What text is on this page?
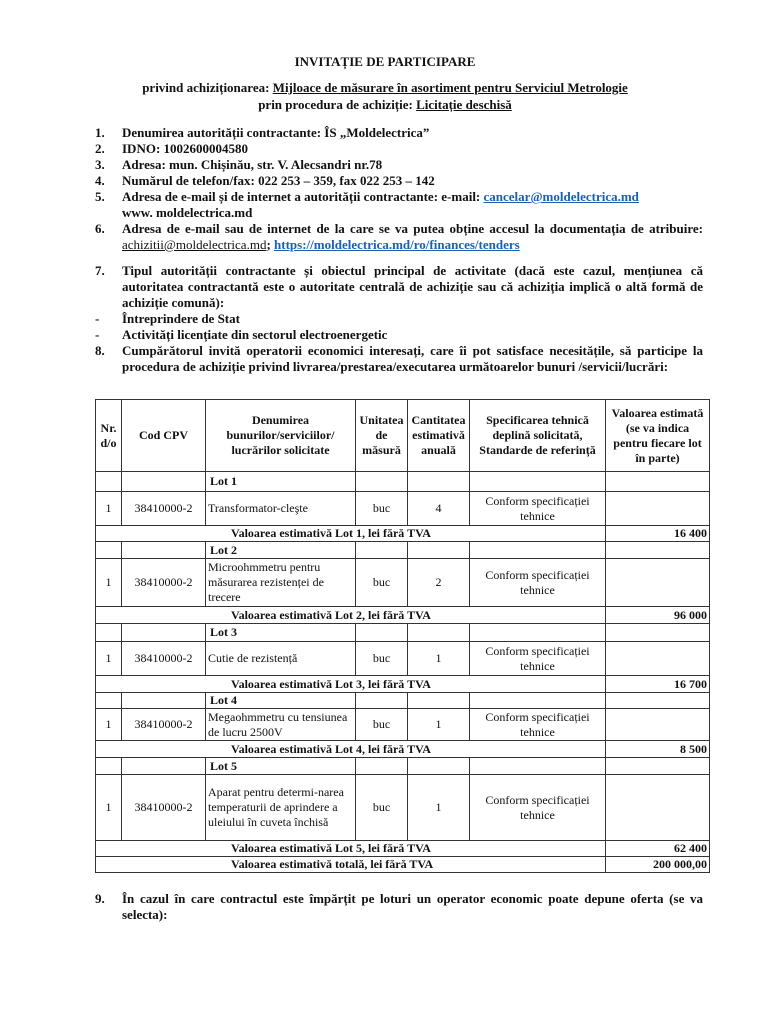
INVITAȚIE DE PARTICIPARE
privind achiziționarea: Mijloace de măsurare în asortiment pentru Serviciul Metrologie
prin procedura de achiziție: Licitație deschisă
1. Denumirea autorității contractante: ÎS „Moldelectrica”
2. IDNO: 1002600004580
3. Adresa: mun. Chișinău, str. V. Alecsandri nr.78
4. Numărul de telefon/fax: 022 253 – 359, fax 022 253 – 142
5. Adresa de e-mail și de internet a autorității contractante: e-mail: cancelar@moldelectrica.md
www. moldelectrica.md
6. Adresa de e-mail sau de internet de la care se va putea obține accesul la documentația de atribuire: achizitii@moldelectrica.md; https://moldelectrica.md/ro/finances/tenders
7. Tipul autorității contractante și obiectul principal de activitate (dacă este cazul, mențiunea că autoritatea contractantă este o autoritate centrală de achiziție sau că achiziția implică o altă formă de achiziție comună):
- Întreprindere de Stat
- Activități licențiate din sectorul electroenergetic
8. Cumpărătorul invită operatorii economici interesați, care îi pot satisface necesitățile, să participe la procedura de achiziție privind livrarea/prestarea/executarea următoarelor bunuri /servicii/lucrări:
Nr. d/o	Cod CPV	Denumirea bunurilor/serviciilor/ lucrărilor solicitate	Unitatea de măsură	Cantitatea estimativă anuală	Specificarea tehnică deplină solicitată, Standarde de referință	Valoarea estimată (se va indica pentru fiecare lot în parte)
		Lot 1				
1	38410000-2	Transformator-cleşte	buc	4	Conform specificației tehnice	
Valoarea estimativă Lot 1, lei fără TVA						16 400
		Lot 2				
1	38410000-2	Microohmmetru pentru măsurarea rezistenței de trecere	buc	2	Conform specificației tehnice	
Valoarea estimativă Lot 2, lei fără TVA						96 000
		Lot 3				
1	38410000-2	Cutie de rezistență	buc	1	Conform specificației tehnice	
Valoarea estimativă Lot 3, lei fără TVA						16 700
		Lot 4				
1	38410000-2	Megaohmmetru cu tensiunea de lucru 2500V	buc	1	Conform specificației tehnice	
Valoarea estimativă Lot 4, lei fără TVA						8 500
		Lot 5				
1	38410000-2	Aparat pentru determi-narea temperaturii de aprindere a uleiului în cuveta închisă	buc	1	Conform specificației tehnice	
Valoarea estimativă Lot 5, lei fără TVA						62 400
Valoarea estimativă totală, lei fără TVA						200 000,00
9. În cazul în care contractul este împărțit pe loturi un operator economic poate depune oferta (se va selecta):
